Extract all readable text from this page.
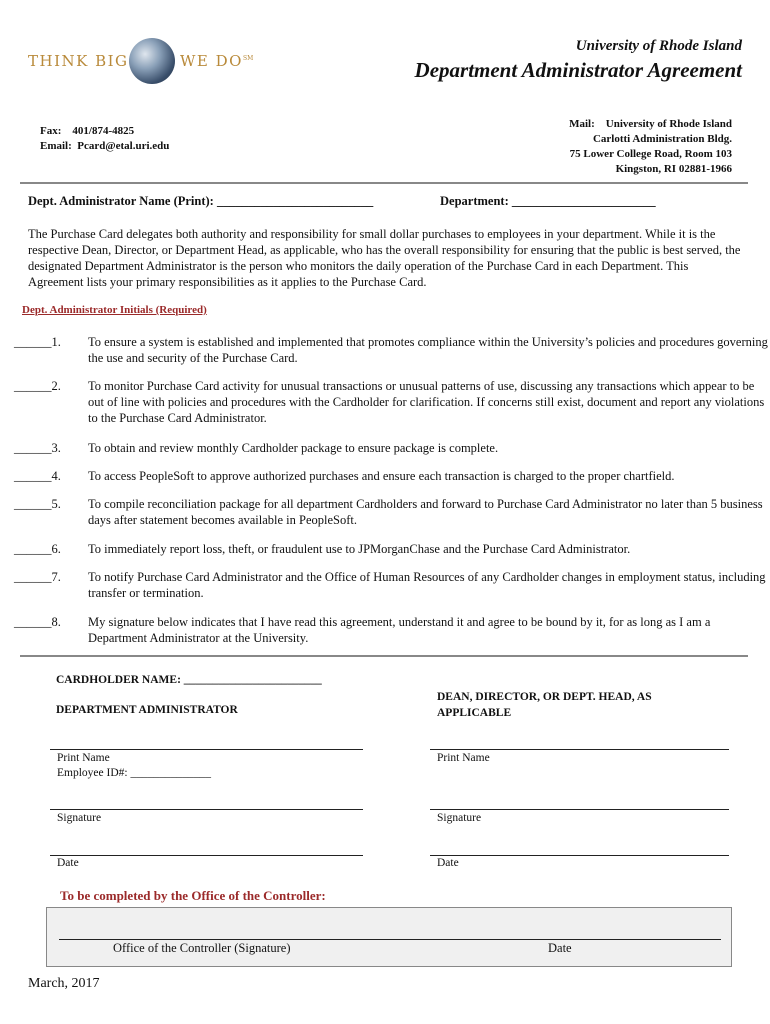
THINK BIG	WE DO℠
University of Rhode Island
Department Administrator Agreement
Fax:    401/874-4825
Email:  Pcard@etal.uri.edu
Mail: University of Rhode Island
Carlotti Administration Bldg.
75 Lower College Road, Room 103
Kingston, RI 02881-1966
Dept. Administrator Name (Print): _________________________	Department: _______________________
The Purchase Card delegates both authority and responsibility for small dollar purchases to employees in your department. While it is the respective Dean, Director, or Department Head, as applicable, who has the overall responsibility for ensuring that the public is best served, the designated Department Administrator is the person who monitors the daily operation of the Purchase Card in each Department. This Agreement lists your primary responsibilities as it applies to the Purchase Card.
Dept. Administrator Initials (Required)
______1.	To ensure a system is established and implemented that promotes compliance within the University’s policies and procedures governing the use and security of the Purchase Card.
______2.	To monitor Purchase Card activity for unusual transactions or unusual patterns of use, discussing any transactions which appear to be out of line with policies and procedures with the Cardholder for clarification. If concerns still exist, document and report any violations to the Purchase Card Administrator.
______3.	To obtain and review monthly Cardholder package to ensure package is complete.
______4.	To access PeopleSoft to approve authorized purchases and ensure each transaction is charged to the proper chartfield.
______5.	To compile reconciliation package for all department Cardholders and forward to Purchase Card Administrator no later than 5 business days after statement becomes available in PeopleSoft.
______6.	To immediately report loss, theft, or fraudulent use to JPMorganChase and the Purchase Card Administrator.
______7.	To notify Purchase Card Administrator and the Office of Human Resources of any Cardholder changes in employment status, including transfer or termination.
______8.	My signature below indicates that I have read this agreement, understand it and agree to be bound by it, for as long as I am a Department Administrator at the University.
CARDHOLDER NAME: ________________________
DEPARTMENT ADMINISTRATOR
DEAN, DIRECTOR, OR DEPT. HEAD, AS
APPLICABLE
Print Name
Employee ID#: ______________
Print Name
Signature	Signature
Date	Date
To be completed by the Office of the Controller:
Office of the Controller (Signature)	Date
March, 2017
